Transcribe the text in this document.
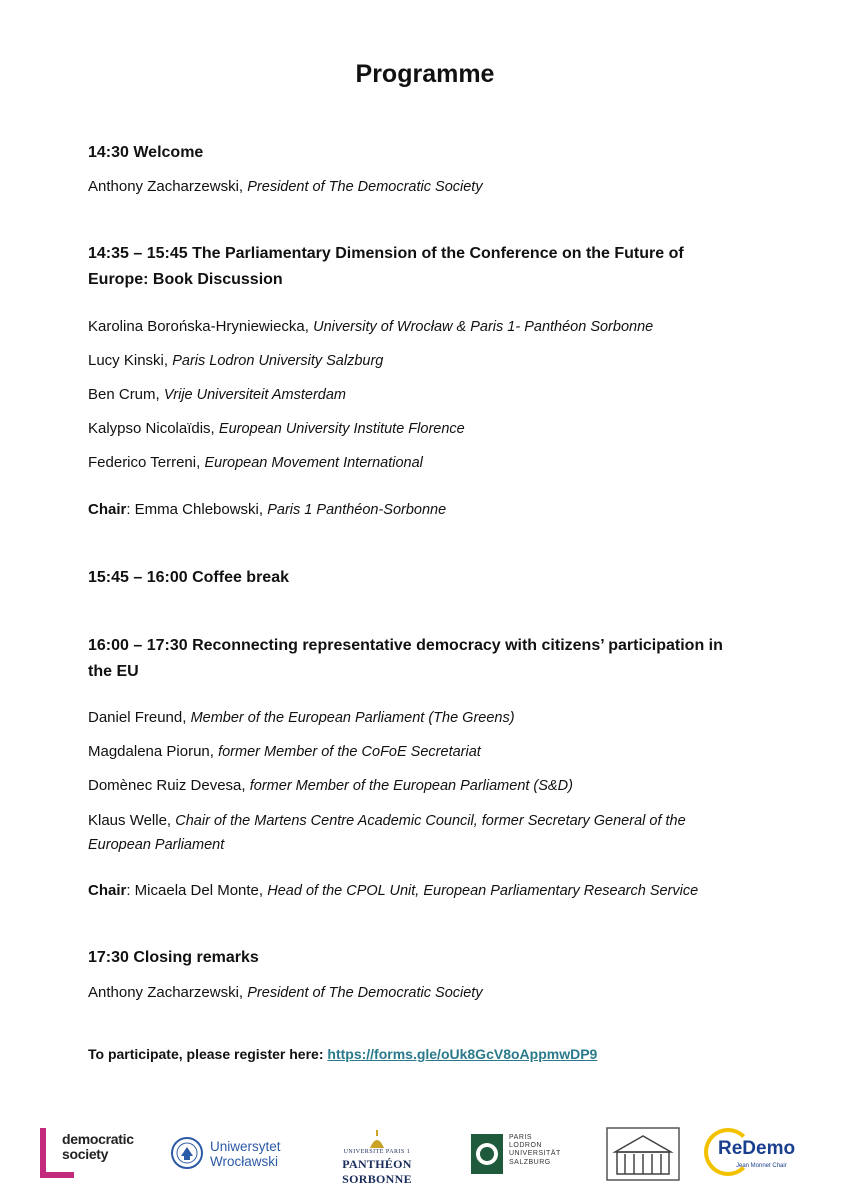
Programme
14:30 Welcome
Anthony Zacharzewski, President of The Democratic Society
14:35 – 15:45 The Parliamentary Dimension of the Conference on the Future of
Europe: Book Discussion
Karolina Borońska-Hryniewiecka, University of Wrocław & Paris 1- Panthéon Sorbonne
Lucy Kinski, Paris Lodron University Salzburg
Ben Crum, Vrije Universiteit Amsterdam
Kalypso Nicolaïdis, European University Institute Florence
Federico Terreni, European Movement International
Chair: Emma Chlebowski, Paris 1 Panthéon-Sorbonne
15:45 – 16:00 Coffee break
16:00 – 17:30 Reconnecting representative democracy with citizens’ participation in
the EU
Daniel Freund, Member of the European Parliament (The Greens)
Magdalena Piorun, former Member of the CoFoE Secretariat
Domènec Ruiz Devesa, former Member of the European Parliament (S&D)
Klaus Welle, Chair of the Martens Centre Academic Council, former Secretary General of the
European Parliament
Chair: Micaela Del Monte, Head of the CPOL Unit, European Parliamentary Research Service
17:30 Closing remarks
Anthony Zacharzewski, President of The Democratic Society
To participate, please register here: https://forms.gle/oUk8GcV8oAppmwDP9
democratic
society	Uniwersytet
Wrocławski
UNIVERSITÉ PARIS 1
PANTHÉON SORBONNE
PARIS
LODRON
UNIVERSITÄT
SALZBURG
ReDemo
Jean Monnet Chair
